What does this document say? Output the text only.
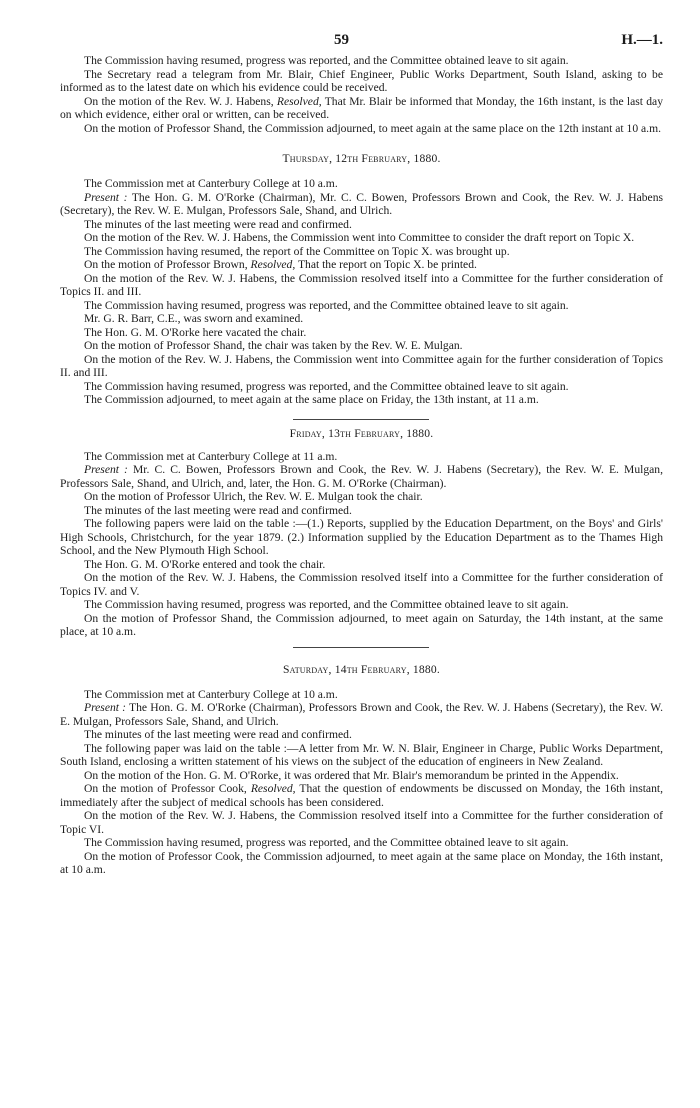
59	H.—1.

The Commission having resumed, progress was reported, and the Committee obtained leave to sit again.

The Secretary read a telegram from Mr. Blair, Chief Engineer, Public Works Department, South Island, asking to be informed as to the latest date on which his evidence could be received.

On the motion of the Rev. W. J. Habens, Resolved, That Mr. Blair be informed that Monday, the 16th instant, is the last day on which evidence, either oral or written, can be received.

On the motion of Professor Shand, the Commission adjourned, to meet again at the same place on the 12th instant at 10 a.m.

Thursday, 12th February, 1880.

The Commission met at Canterbury College at 10 a.m.

Present : The Hon. G. M. O'Rorke (Chairman), Mr. C. C. Bowen, Professors Brown and Cook, the Rev. W. J. Habens (Secretary), the Rev. W. E. Mulgan, Professors Sale, Shand, and Ulrich.

The minutes of the last meeting were read and confirmed.

On the motion of the Rev. W. J. Habens, the Commission went into Committee to consider the draft report on Topic X.

The Commission having resumed, the report of the Committee on Topic X. was brought up.

On the motion of Professor Brown, Resolved, That the report on Topic X. be printed.

On the motion of the Rev. W. J. Habens, the Commission resolved itself into a Committee for the further consideration of Topics II. and III.

The Commission having resumed, progress was reported, and the Committee obtained leave to sit again.

Mr. G. R. Barr, C.E., was sworn and examined.

The Hon. G. M. O'Rorke here vacated the chair.

On the motion of Professor Shand, the chair was taken by the Rev. W. E. Mulgan.

On the motion of the Rev. W. J. Habens, the Commission went into Committee again for the further consideration of Topics II. and III.

The Commission having resumed, progress was reported, and the Committee obtained leave to sit again.

The Commission adjourned, to meet again at the same place on Friday, the 13th instant, at 11 a.m.

Friday, 13th February, 1880.

The Commission met at Canterbury College at 11 a.m.

Present : Mr. C. C. Bowen, Professors Brown and Cook, the Rev. W. J. Habens (Secretary), the Rev. W. E. Mulgan, Professors Sale, Shand, and Ulrich, and, later, the Hon. G. M. O'Rorke (Chairman).

On the motion of Professor Ulrich, the Rev. W. E. Mulgan took the chair.

The minutes of the last meeting were read and confirmed.

The following papers were laid on the table :—(1.) Reports, supplied by the Education Department, on the Boys' and Girls' High Schools, Christchurch, for the year 1879. (2.) Information supplied by the Education Department as to the Thames High School, and the New Plymouth High School.

The Hon. G. M. O'Rorke entered and took the chair.

On the motion of the Rev. W. J. Habens, the Commission resolved itself into a Committee for the further consideration of Topics IV. and V.

The Commission having resumed, progress was reported, and the Committee obtained leave to sit again.

On the motion of Professor Shand, the Commission adjourned, to meet again on Saturday, the 14th instant, at the same place, at 10 a.m.

Saturday, 14th February, 1880.

The Commission met at Canterbury College at 10 a.m.

Present : The Hon. G. M. O'Rorke (Chairman), Professors Brown and Cook, the Rev. W. J. Habens (Secretary), the Rev. W. E. Mulgan, Professors Sale, Shand, and Ulrich.

The minutes of the last meeting were read and confirmed.

The following paper was laid on the table :—A letter from Mr. W. N. Blair, Engineer in Charge, Public Works Department, South Island, enclosing a written statement of his views on the subject of the education of engineers in New Zealand.

On the motion of the Hon. G. M. O'Rorke, it was ordered that Mr. Blair's memorandum be printed in the Appendix.

On the motion of Professor Cook, Resolved, That the question of endowments be discussed on Monday, the 16th instant, immediately after the subject of medical schools has been considered.

On the motion of the Rev. W. J. Habens, the Commission resolved itself into a Committee for the further consideration of Topic VI.

The Commission having resumed, progress was reported, and the Committee obtained leave to sit again.

On the motion of Professor Cook, the Commission adjourned, to meet again at the same place on Monday, the 16th instant, at 10 a.m.
